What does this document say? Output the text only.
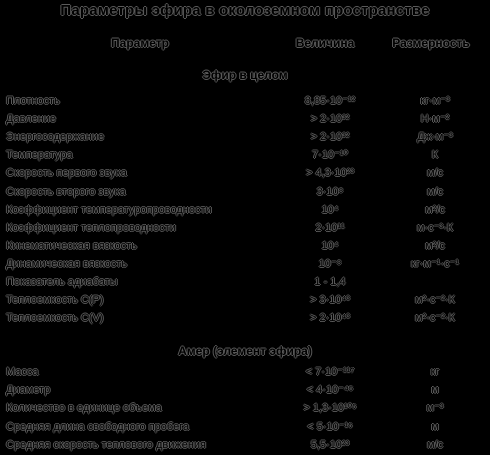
Параметры эфира в околоземном пространстве
Параметр	Величина	Размерность
Эфир в целом
Плотность	8,85·10⁻¹²	кг·м⁻³
Давление	> 2·10³²	Н·м⁻²
Энергосодержание	> 2·10³²	Дж·м⁻³
Температура	7·10⁻¹⁰	К
Скорость первого звука	> 4,3·10²³	м/с
Скорость второго звука	3·10⁸	м/с
Коэффициент температуропроводности	10⁴	м²/с
Коэффициент теплопроводности	2·10¹¹	м·с⁻³·К
Кинематическая вязкость	10⁴	м²/с
Динамическая вязкость	10⁻⁸	кг·м⁻¹·с⁻¹
Показатель адиабаты	1 - 1,4
Теплоемкость C(P)	> 3·10⁴³	м²·с⁻²·К
Теплоемкость C(V)	> 2·10⁴³	м²·с⁻²·К
Амер (элемент эфира)
Масса	< 7·10⁻¹¹⁷	кг
Диаметр	< 4·10⁻⁴⁵	м
Количество в единице объема	> 1,3·10¹⁰⁵	м⁻³
Средняя длина свободного пробега	< 5·10⁻¹⁵	м
Средняя скорость теплового движения	5,5·10²³	м/с
